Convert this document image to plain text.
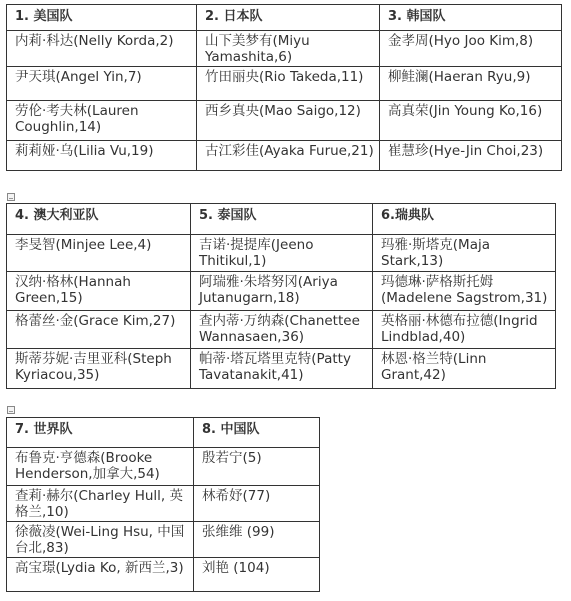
1. 美国队	2. 日本队	3. 韩国队
内莉·科达(Nelly Korda,2)	山下美梦有(Miyu Yamashita,6)	金孝周(Hyo Joo Kim,8)
尹天琪(Angel Yin,7)	竹田丽央(Rio Takeda,11)	柳鲑澜(Haeran Ryu,9)
劳伦·考夫林(Lauren Coughlin,14)	西乡真央(Mao Saigo,12)	高真荣(Jin Young Ko,16)
莉莉娅·乌(Lilia Vu,19)	古江彩佳(Ayaka Furue,21)	崔慧珍(Hye-Jin Choi,23)
4. 澳大利亚队	5. 泰国队	6.瑞典队
李旻智(Minjee Lee,4)	吉诺·提提库(Jeeno Thitikul,1)	玛雅·斯塔克(Maja Stark,13)
汉纳·格林(Hannah Green,15)	阿瑞雅·朱塔努冈(Ariya Jutanugarn,18)	玛德琳·萨格斯托姆(Madelene Sagstrom,31)
格蕾丝·金(Grace Kim,27)	查内蒂·万纳森(Chanettee Wannasaen,36)	英格丽·林德布拉德(Ingrid Lindblad,40)
斯蒂芬妮·吉里亚科(Steph Kyriacou,35)	帕蒂·塔瓦塔里克特(Patty Tavatanakit,41)	林恩·格兰特(Linn Grant,42)
7. 世界队	8. 中国队
布鲁克·亨德森(Brooke Henderson,加拿大,54)	殷若宁(5)
查莉·赫尔(Charley Hull, 英格兰,10)	林希妤(77)
徐薇凌(Wei-Ling Hsu, 中国台北,83)	张维维 (99)
高宝璟(Lydia Ko, 新西兰,3)	刘艳 (104)
